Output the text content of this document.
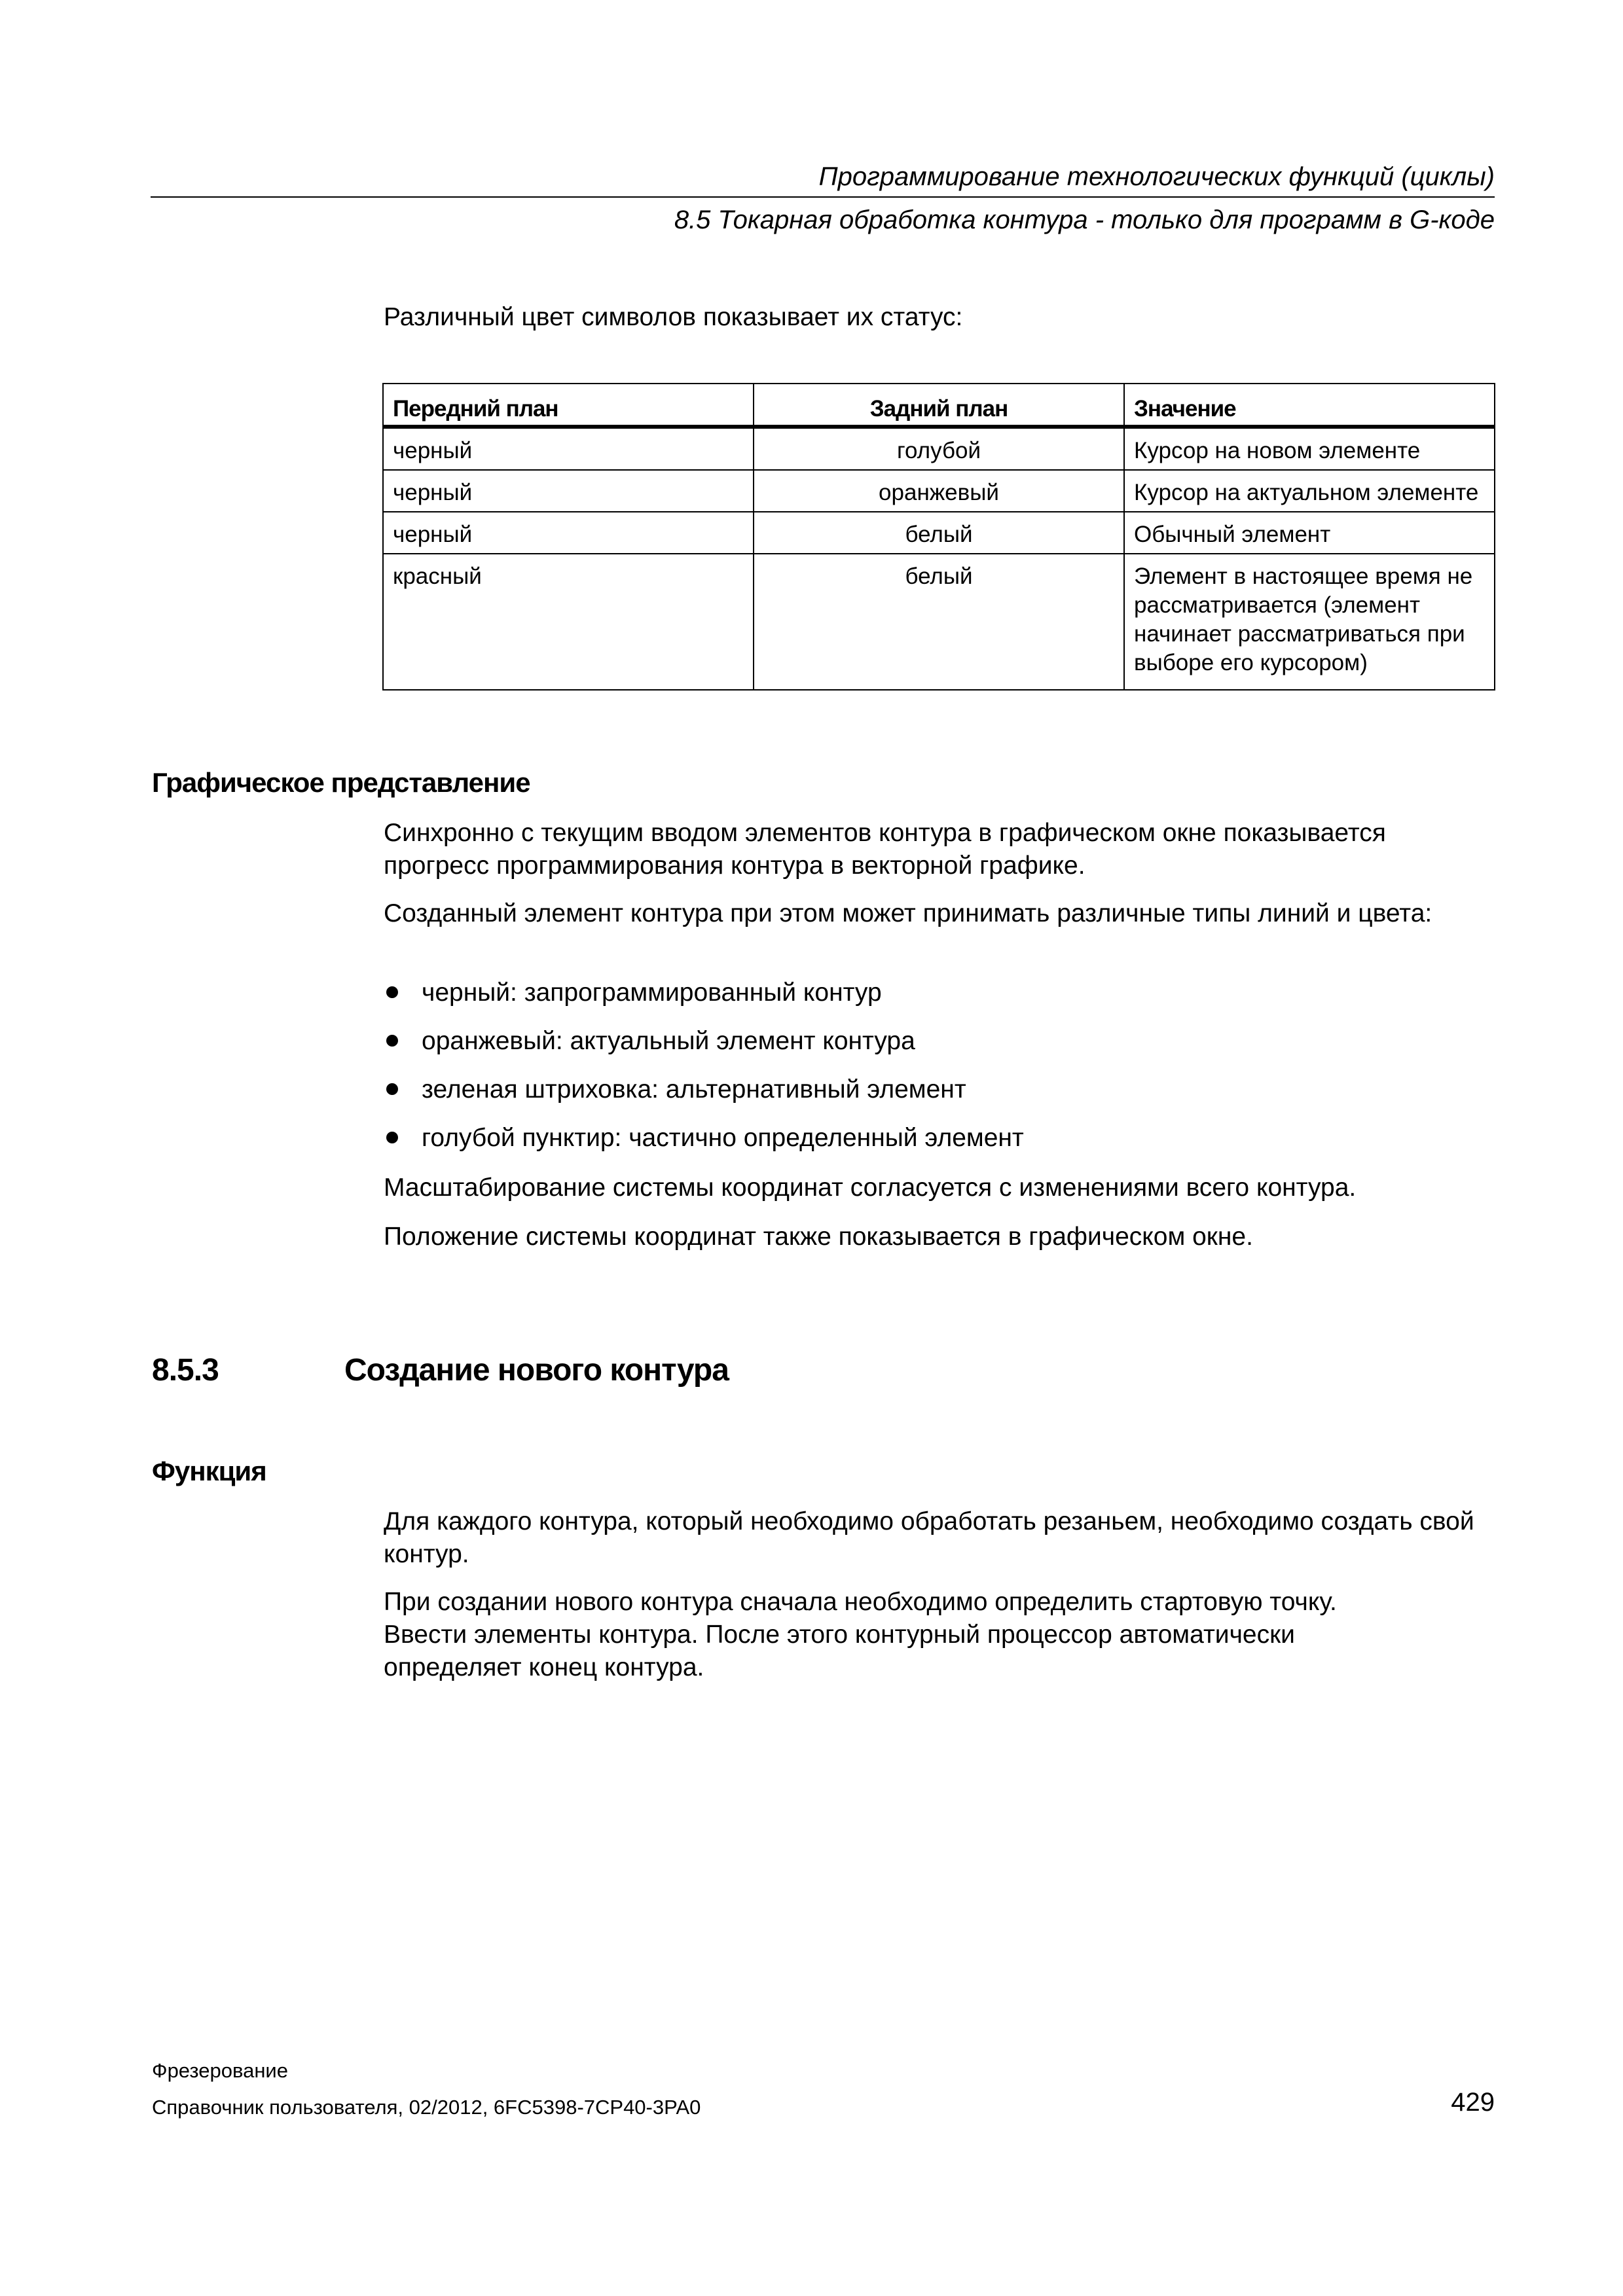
Программирование технологических функций (циклы)
8.5 Токарная обработка контура - только для программ в G-коде
Различный цвет символов показывает их статус:
Передний план	Задний план	Значение
черный	голубой	Курсор на новом элементе
черный	оранжевый	Курсор на актуальном элементе
черный	белый	Обычный элемент
красный	белый	Элемент в настоящее время не рассматривается (элемент начинает рассматриваться при выборе его курсором)
Графическое представление
Синхронно с текущим вводом элементов контура в графическом окне показывается прогресс программирования контура в векторной графике.
Созданный элемент контура при этом может принимать различные типы линий и цвета:
черный: запрограммированный контур
оранжевый: актуальный элемент контура
зеленая штриховка: альтернативный элемент
голубой пунктир: частично определенный элемент
Масштабирование системы координат согласуется с изменениями всего контура.
Положение системы координат также показывается в графическом окне.
8.5.3	Создание нового контура
Функция
Для каждого контура, который необходимо обработать резаньем, необходимо создать свой контур.
При создании нового контура сначала необходимо определить стартовую точку. Ввести элементы контура. После этого контурный процессор автоматически определяет конец контура.
Фрезерование
Справочник пользователя, 02/2012, 6FC5398-7CP40-3PA0	429
